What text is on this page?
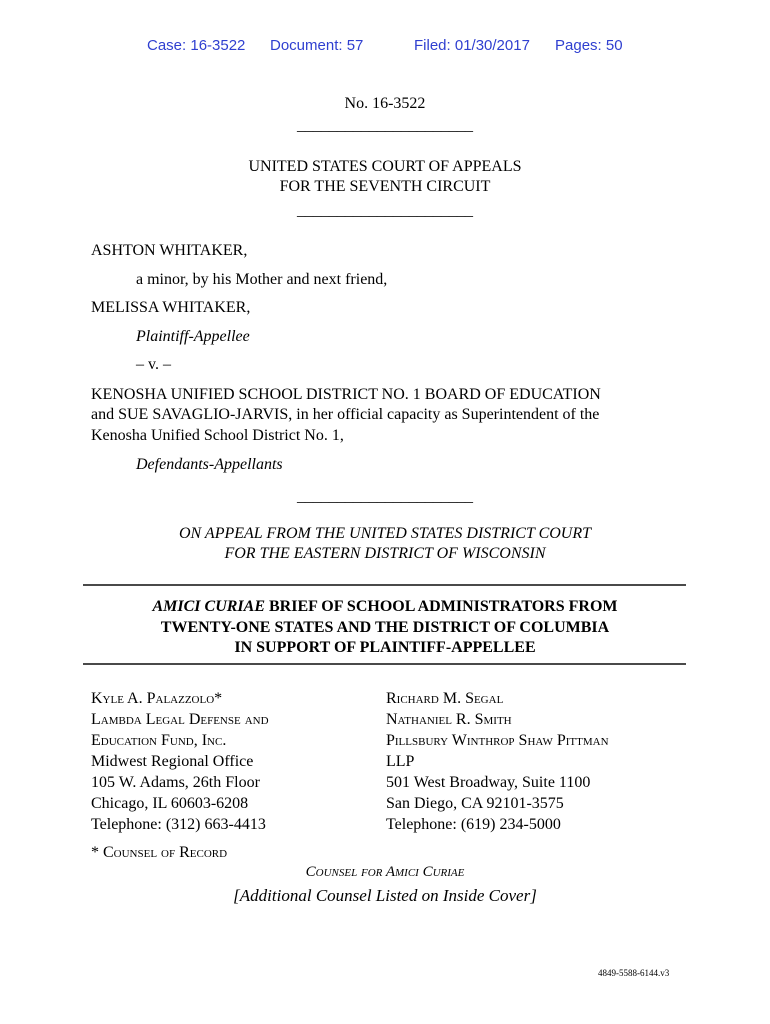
Case: 16-3522 Document: 57	Filed: 01/30/2017 Pages: 50
No. 16-3522
______________________
UNITED STATES COURT OF APPEALS
FOR THE SEVENTH CIRCUIT
______________________
ASHTON WHITAKER,
a minor, by his Mother and next friend,
MELISSA WHITAKER,
Plaintiff-Appellee
– v. –
KENOSHA UNIFIED SCHOOL DISTRICT NO. 1 BOARD OF EDUCATION
and SUE SAVAGLIO-JARVIS, in her official capacity as Superintendent of the
Kenosha Unified School District No. 1,
Defendants-Appellants
______________________
ON APPEAL FROM THE UNITED STATES DISTRICT COURT
FOR THE EASTERN DISTRICT OF WISCONSIN
AMICI CURIAE BRIEF OF SCHOOL ADMINISTRATORS FROM
TWENTY-ONE STATES AND THE DISTRICT OF COLUMBIA
IN SUPPORT OF PLAINTIFF-APPELLEE
Kyle A. Palazzolo*
Lambda Legal Defense and
Education Fund, Inc.
Midwest Regional Office
105 W. Adams, 26th Floor
Chicago, IL 60603-6208
Telephone: (312) 663-4413
Richard M. Segal
Nathaniel R. Smith
Pillsbury Winthrop Shaw Pittman
LLP
501 West Broadway, Suite 1100
San Diego, CA 92101-3575
Telephone: (619) 234-5000
* Counsel of Record
Counsel for Amici Curiae
[Additional Counsel Listed on Inside Cover]
4849-5588-6144.v3
